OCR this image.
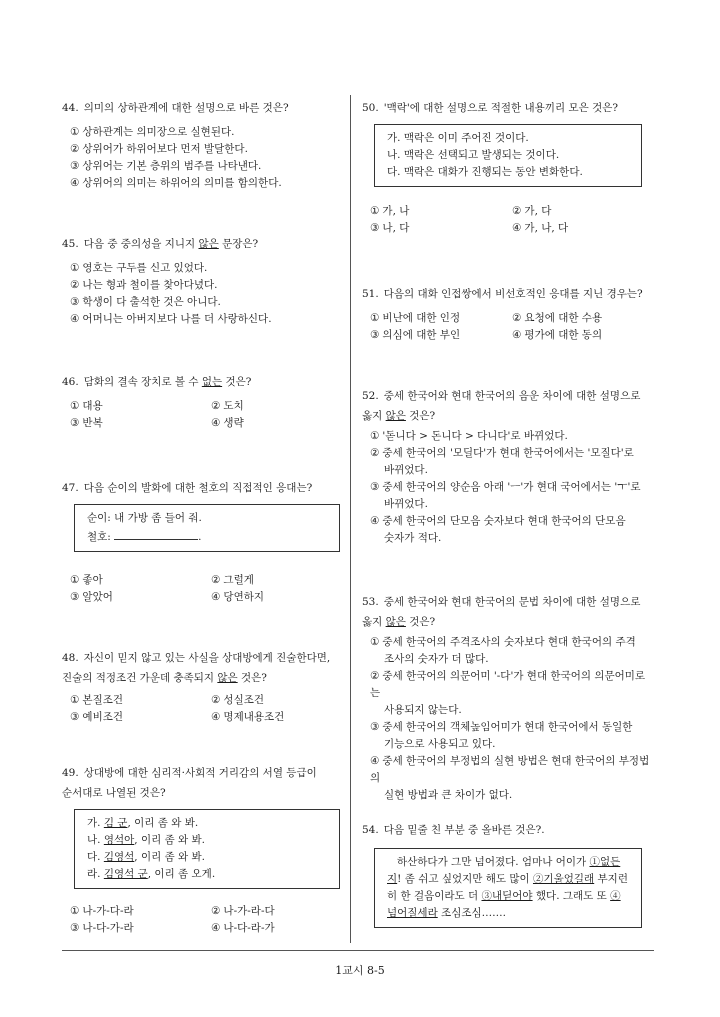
44. 의미의 상하관계에 대한 설명으로 바른 것은?
① 상하관계는 의미장으로 실현된다.
② 상위어가 하위어보다 먼저 발달한다.
③ 상위어는 기본 층위의 범주를 나타낸다.
④ 상위어의 의미는 하위어의 의미를 함의한다.
45. 다음 중 중의성을 지니지 않은 문장은?
① 영호는 구두를 신고 있었다.
② 나는 형과 철이를 찾아다녔다.
③ 학생이 다 출석한 것은 아니다.
④ 어머니는 아버지보다 나를 더 사랑하신다.
46. 담화의 결속 장치로 볼 수 없는 것은?
① 대용	② 도치
③ 반복	④ 생략
47. 다음 순이의 발화에 대한 철호의 직접적인 응대는?
순이: 내 가방 좀 들어 줘.
철호:	.
① 좋아	② 그럴게
③ 알았어	④ 당연하지
48. 자신이 믿지 않고 있는 사실을 상대방에게 진술한다면,
진술의 적정조건 가운데 충족되지 않은 것은?
① 본질조건	② 성실조건
③ 예비조건	④ 명제내용조건
49. 상대방에 대한 심리적·사회적 거리감의 서열 등급이
순서대로 나열된 것은?
가. 김 군, 이리 좀 와 봐.
나. 영석아, 이리 좀 와 봐.
다. 김영석, 이리 좀 와 봐.
라. 김영석 군, 이리 좀 오게.
① 나-가-다-라	② 나-가-라-다
③ 나-다-가-라	④ 나-다-라-가
50. '맥락'에 대한 설명으로 적절한 내용끼리 모은 것은?
가. 맥락은 이미 주어진 것이다.
나. 맥락은 선택되고 발생되는 것이다.
다. 맥락은 대화가 진행되는 동안 변화한다.
① 가, 나	② 가, 다
③ 나, 다	④ 가, 나, 다
51. 다음의 대화 인접쌍에서 비선호적인 응대를 지닌 경우는?
① 비난에 대한 인정	② 요청에 대한 수용
③ 의심에 대한 부인	④ 평가에 대한 동의
52. 중세 한국어와 현대 한국어의 음운 차이에 대한 설명으로
옳지 않은 것은?
① '돋니다 > 돈니다 > 다니다'로 바뀌었다.
② 중세 한국어의 '모딜다'가 현대 한국어에서는 '모질다'로
바뀌었다.
③ 중세 한국어의 양순음 아래 'ㅡ'가 현대 국어에서는 'ㅜ'로
바뀌었다.
④ 중세 한국어의 단모음 숫자보다 현대 한국어의 단모음
숫자가 적다.
53. 중세 한국어와 현대 한국어의 문법 차이에 대한 설명으로
옳지 않은 것은?
① 중세 한국어의 주격조사의 숫자보다 현대 한국어의 주격
조사의 숫자가 더 많다.
② 중세 한국어의 의문어미 '-다'가 현대 한국어의 의문어미로는
사용되지 않는다.
③ 중세 한국어의 객체높임어미가 현대 한국어에서 동일한
기능으로 사용되고 있다.
④ 중세 한국어의 부정법의 실현 방법은 현대 한국어의 부정법의
실현 방법과 큰 차이가 없다.
54. 다음 밑줄 친 부분 중 올바른 것은?.
하산하다가 그만 넘어졌다. 엄마나 어이가 ①없든지! 좀 쉬고 싶었지만 해도 많이 ②기울었길래 부지런히 한 걸음이라도 더 ③내딛어야 했다. 그래도 또 ④넘어질세라 조심조심…….
1교시 8-5
